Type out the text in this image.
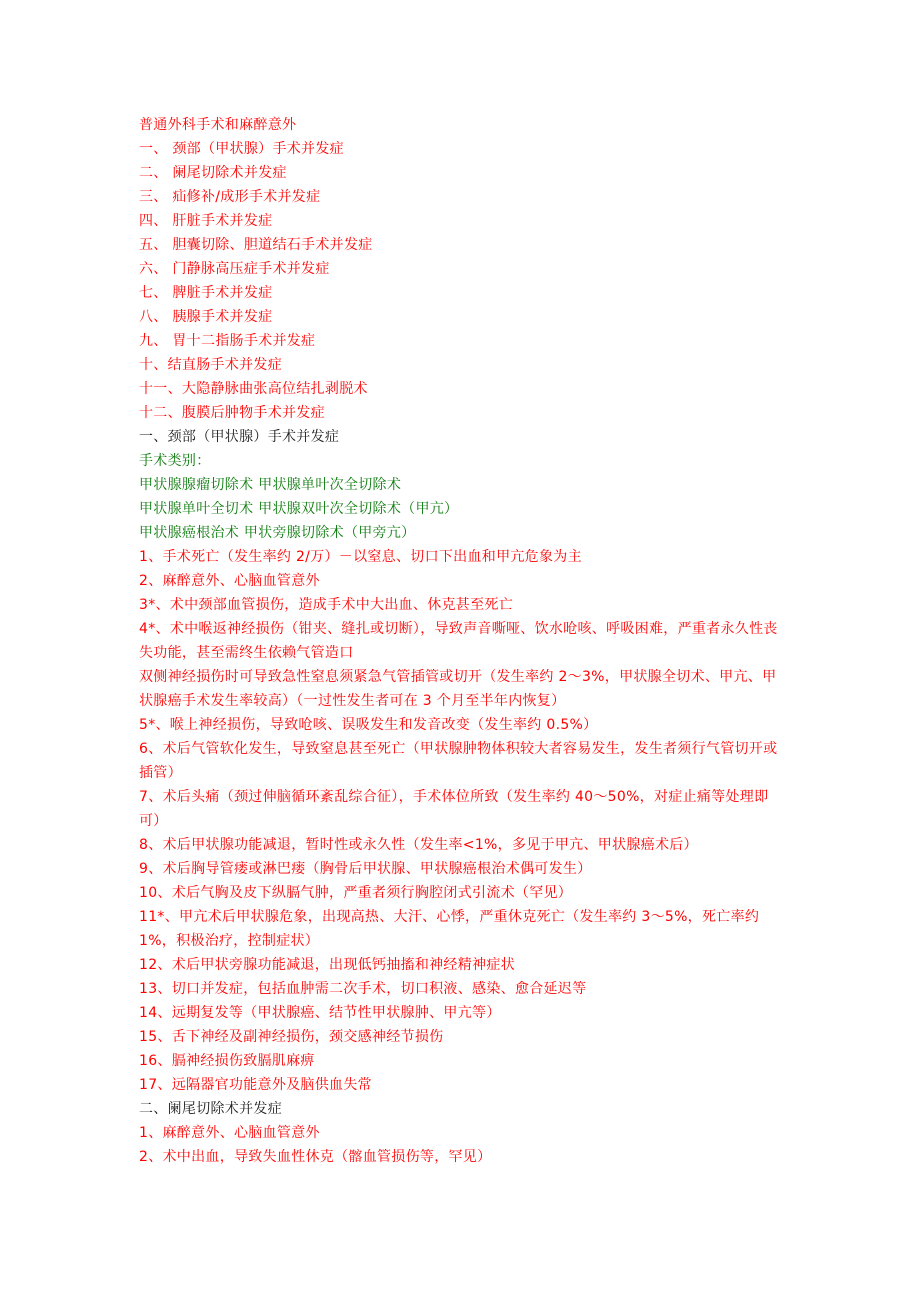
普通外科手术和麻醉意外
一、 颈部（甲状腺）手术并发症
二、 阑尾切除术并发症
三、 疝修补/成形手术并发症
四、 肝脏手术并发症
五、 胆囊切除、胆道结石手术并发症
六、 门静脉高压症手术并发症
七、 脾脏手术并发症
八、 胰腺手术并发症
九、 胃十二指肠手术并发症
十、结直肠手术并发症
十一、大隐静脉曲张高位结扎剥脱术
十二、腹膜后肿物手术并发症
一、颈部（甲状腺）手术并发症
手术类别：
甲状腺腺瘤切除术 甲状腺单叶次全切除术
甲状腺单叶全切术 甲状腺双叶次全切除术（甲亢）
甲状腺癌根治术 甲状旁腺切除术（甲旁亢）
1、手术死亡（发生率约 2/万）－以窒息、切口下出血和甲亢危象为主
2、麻醉意外、心脑血管意外
3*、术中颈部血管损伤，造成手术中大出血、休克甚至死亡
4*、术中喉返神经损伤（钳夹、缝扎或切断），导致声音嘶哑、饮水呛咳、呼吸困难，严重者永久性丧失功能，甚至需终生依赖气管造口
双侧神经损伤时可导致急性窒息须紧急气管插管或切开（发生率约 2～3%，甲状腺全切术、甲亢、甲状腺癌手术发生率较高）（一过性发生者可在 3 个月至半年内恢复）
5*、喉上神经损伤，导致呛咳、误吸发生和发音改变（发生率约 0.5%）
6、术后气管软化发生，导致窒息甚至死亡（甲状腺肿物体积较大者容易发生，发生者须行气管切开或插管）
7、术后头痛（颈过伸脑循环紊乱综合征），手术体位所致（发生率约 40～50%，对症止痛等处理即可）
8、术后甲状腺功能减退，暂时性或永久性（发生率<1%，多见于甲亢、甲状腺癌术后）
9、术后胸导管瘘或淋巴瘘（胸骨后甲状腺、甲状腺癌根治术偶可发生）
10、术后气胸及皮下纵膈气肿，严重者须行胸腔闭式引流术（罕见）
11*、甲亢术后甲状腺危象，出现高热、大汗、心悸，严重休克死亡（发生率约 3～5%，死亡率约 1%，积极治疗，控制症状）
12、术后甲状旁腺功能减退，出现低钙抽搐和神经精神症状
13、切口并发症，包括血肿需二次手术，切口积液、感染、愈合延迟等
14、远期复发等（甲状腺癌、结节性甲状腺肿、甲亢等）
15、舌下神经及副神经损伤，颈交感神经节损伤
16、膈神经损伤致膈肌麻痹
17、远隔器官功能意外及脑供血失常
二、阑尾切除术并发症
1、麻醉意外、心脑血管意外
2、术中出血，导致失血性休克（髂血管损伤等，罕见）
